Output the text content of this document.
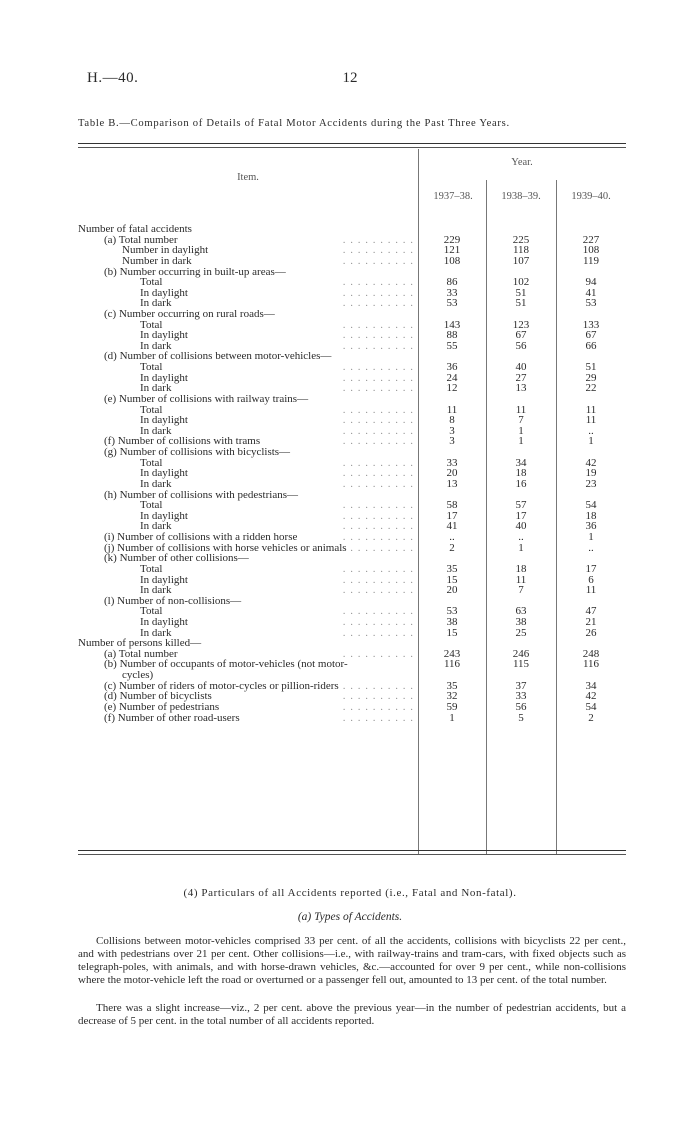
H.—40.	12
Table B.—Comparison of Details of Fatal Motor Accidents during the Past Three Years.
Item.
Year.
1937–38.	1938–39.	1939–40.
Number of fatal accidents
(a) Total number	. . . . . . . . . .	229	225	227
Number in daylight	. . . . . . . . . .	121	118	108
Number in dark	. . . . . . . . . .	108	107	119
(b) Number occurring in built-up areas—
Total	. . . . . . . . . .	86	102	94
In daylight	. . . . . . . . . .	33	51	41
In dark	. . . . . . . . . .	53	51	53
(c) Number occurring on rural roads—
Total	. . . . . . . . . .	143	123	133
In daylight	. . . . . . . . . .	88	67	67
In dark	. . . . . . . . . .	55	56	66
(d) Number of collisions between motor-vehicles—
Total	. . . . . . . . . .	36	40	51
In daylight	. . . . . . . . . .	24	27	29
In dark	. . . . . . . . . .	12	13	22
(e) Number of collisions with railway trains—
Total	. . . . . . . . . .	11	11	11
In daylight	. . . . . . . . . .	8	7	11
In dark	. . . . . . . . . .	3	1	..
(f) Number of collisions with trams	. . . . . . . . . .	3	1	1
(g) Number of collisions with bicyclists—
Total	. . . . . . . . . .	33	34	42
In daylight	. . . . . . . . . .	20	18	19
In dark	. . . . . . . . . .	13	16	23
(h) Number of collisions with pedestrians—
Total	. . . . . . . . . .	58	57	54
In daylight	. . . . . . . . . .	17	17	18
In dark	. . . . . . . . . .	41	40	36
(i) Number of collisions with a ridden horse	. . . . . . . . . .	..	..	1
(j) Number of collisions with horse vehicles or animals
. . . . . . . . . .	2	1	..
(k) Number of other collisions—
Total	. . . . . . . . . .	35	18	17
In daylight	. . . . . . . . . .	15	11	6
In dark	. . . . . . . . . .	20	7	11
(l) Number of non-collisions—
Total	. . . . . . . . . .	53	63	47
In daylight	. . . . . . . . . .	38	38	21
In dark	. . . . . . . . . .	15	25	26
Number of persons killed—
(a) Total number	. . . . . . . . . .	243	246	248
(b) Number of occupants of motor-vehicles (not motor-	116	115	116
cycles)
(c) Number of riders of motor-cycles or pillion-riders . . . . . . . . . .	35	37	34
(d) Number of bicyclists	. . . . . . . . . .	32	33	42
(e) Number of pedestrians	. . . . . . . . . .	59	56	54
(f) Number of other road-users	. . . . . . . . . .	1	5	2
(4) Particulars of all Accidents reported (i.e., Fatal and Non-fatal).
(a) Types of Accidents.

Collisions between motor-vehicles comprised 33 per cent. of all the accidents, collisions with bicyclists 22 per cent., and with pedestrians over 21 per cent. Other collisions—i.e., with railway-trains and tram-cars, with fixed objects such as telegraph-poles, with animals, and with horse-drawn vehicles, &c.—accounted for over 9 per cent., while non-collisions where the motor-vehicle left the road or overturned or a passenger fell out, amounted to 13 per cent. of the total number.

There was a slight increase—viz., 2 per cent. above the previous year—in the number of pedestrian accidents, but a decrease of 5 per cent. in the total number of all accidents reported.
